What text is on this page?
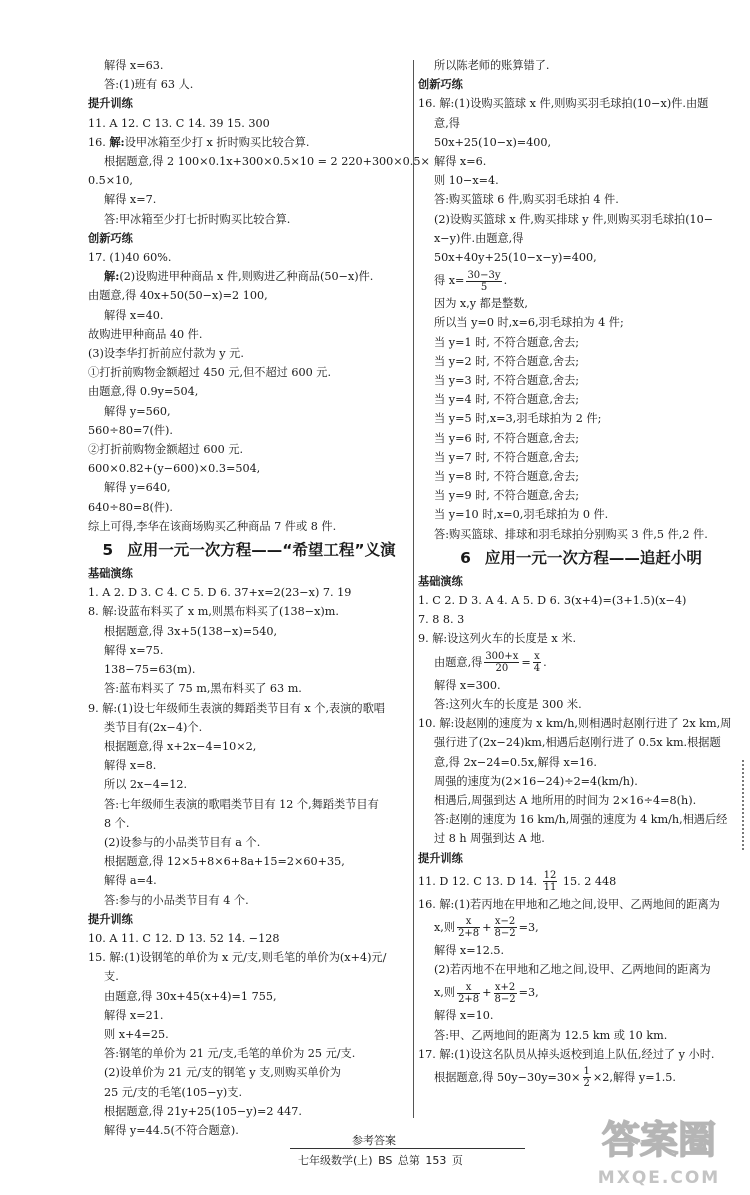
解得 x=63.
答:(1)班有 63 人.
提升训练
11. A 12. C 13. C 14. 39 15. 300
16. 解:设甲冰箱至少打 x 折时购买比较合算.
根据题意,得 2 100×0.1x+300×0.5×10 = 2 220+300×0.5×
0.5×10,
解得 x=7.
答:甲冰箱至少打七折时购买比较合算.
创新巧练
17. (1)40 60%.
解:(2)设购进甲种商品 x 件,则购进乙种商品(50−x)件.
由题意,得 40x+50(50−x)=2 100,
解得 x=40.
故购进甲种商品 40 件.
(3)设李华打折前应付款为 y 元.
①打折前购物金额超过 450 元,但不超过 600 元.
由题意,得 0.9y=504,
解得 y=560,
560÷80=7(件).
②打折前购物金额超过 600 元.
600×0.82+(y−600)×0.3=504,
解得 y=640,
640÷80=8(件).
综上可得,李华在该商场购买乙种商品 7 件或 8 件.
5 应用一元一次方程——“希望工程”义演
基础演练
1. A 2. D 3. C 4. C 5. D 6. 37+x=2(23−x) 7. 19
8. 解:设蓝布料买了 x m,则黑布料买了(138−x)m.
根据题意,得 3x+5(138−x)=540,
解得 x=75.
138−75=63(m).
答:蓝布料买了 75 m,黑布料买了 63 m.
9. 解:(1)设七年级师生表演的舞蹈类节目有 x 个,表演的歌唱
类节目有(2x−4)个.
根据题意,得 x+2x−4=10×2,
解得 x=8.
所以 2x−4=12.
答:七年级师生表演的歌唱类节目有 12 个,舞蹈类节目有
8 个.
(2)设参与的小品类节目有 a 个.
根据题意,得 12×5+8×6+8a+15=2×60+35,
解得 a=4.
答:参与的小品类节目有 4 个.
提升训练
10. A 11. C 12. D 13. 52 14. −128
15. 解:(1)设钢笔的单价为 x 元/支,则毛笔的单价为(x+4)元/
支.
由题意,得 30x+45(x+4)=1 755,
解得 x=21.
则 x+4=25.
答:钢笔的单价为 21 元/支,毛笔的单价为 25 元/支.
(2)设单价为 21 元/支的钢笔 y 支,则购买单价为
25 元/支的毛笔(105−y)支.
根据题意,得 21y+25(105−y)=2 447.
解得 y=44.5(不符合题意).
所以陈老师的账算错了.
创新巧练
16. 解:(1)设购买篮球 x 件,则购买羽毛球拍(10−x)件.由题
意,得
50x+25(10−x)=400,
解得 x=6.
则 10−x=4.
答:购买篮球 6 件,购买羽毛球拍 4 件.
(2)设购买篮球 x 件,购买排球 y 件,则购买羽毛球拍(10−
x−y)件.由题意,得
50x+40y+25(10−x−y)=400,
得 $x= \frac{30-3y}{5}$ .
因为 x,y 都是整数,
所以当 y=0 时,x=6,羽毛球拍为 4 件;
当 y=1 时, 不符合题意,舍去;
当 y=2 时, 不符合题意,舍去;
当 y=3 时, 不符合题意,舍去;
当 y=4 时, 不符合题意,舍去;
当 y=5 时,x=3,羽毛球拍为 2 件;
当 y=6 时, 不符合题意,舍去;
当 y=7 时, 不符合题意,舍去;
当 y=8 时, 不符合题意,舍去;
当 y=9 时, 不符合题意,舍去;
当 y=10 时,x=0,羽毛球拍为 0 件.
答:购买篮球、排球和羽毛球拍分别购买 3 件,5 件,2 件.
6 应用一元一次方程——追赶小明
基础演练
1. C 2. D 3. A 4. A 5. D 6. 3(x+4)=(3+1.5)(x−4)
7. 8 8. 3
9. 解:设这列火车的长度是 x 米.
由题意,得 $\frac{300+x}{20} = \frac{x}{4}$ .
解得 x=300.
答:这列火车的长度是 300 米.
10. 解:设赵刚的速度为 x km/h,则相遇时赵刚行进了 2x km,周
强行进了(2x−24)km,相遇后赵刚行进了 0.5x km.根据题
意,得 2x−24=0.5x,解得 x=16.
周强的速度为(2×16−24)÷2=4(km/h).
相遇后,周强到达 A 地所用的时间为 2×16÷4=8(h).
答:赵刚的速度为 16 km/h,周强的速度为 4 km/h,相遇后经
过 8 h 周强到达 A 地.
提升训练
11. D 12. C 13. D 14. $\frac{12}{11} 15$. 2 448
16. 解:(1)若丙地在甲地和乙地之间,设甲、乙两地间的距离为
x,则 $\frac{x}{2+8} + \frac{x-2}{8-2} =3$,
解得 x=12.5.
(2)若丙地不在甲地和乙地之间,设甲、乙两地间的距离为
x,则 $\frac{x}{2+8} + \frac{x+2}{8-2} =3$,
解得 x=10.
答:甲、乙两地间的距离为 12.5 km 或 10 km.
17. 解:(1)设这名队员从掉头返校到追上队伍,经过了 y 小时.
根据题意,得 $50y-30y=30\times \frac{1}{2} \times 2$,解得 y=1.5.
参考答案
七年级数学(上) BS 总第 153 页	答案圈
MXQE.COM
